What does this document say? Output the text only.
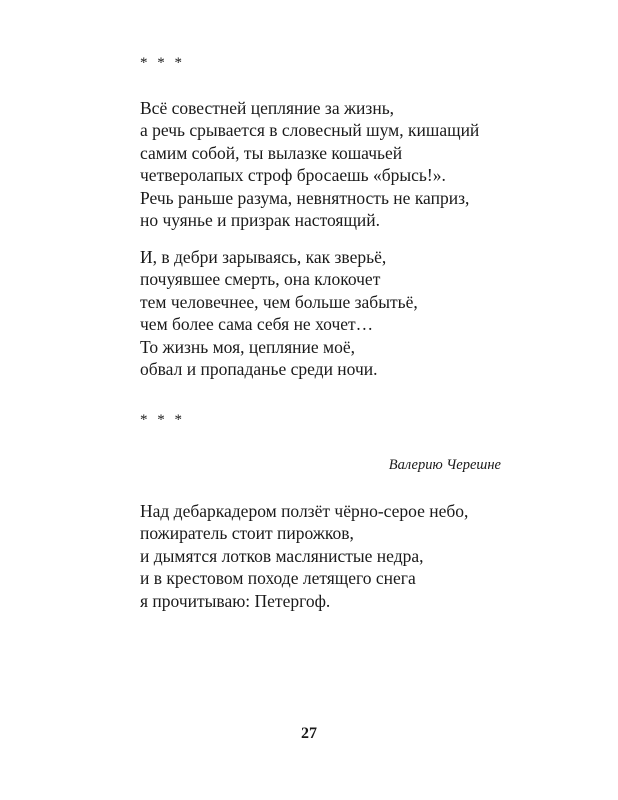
* * *

Всё совестней цепляние за жизнь,
а речь срывается в словесный шум, кишащий
самим собой, ты вылазке кошачьей
четверолапых строф бросаешь «брысь!».
Речь раньше разума, невнятность не каприз,
но чуянье и призрак настоящий.

И, в дебри зарываясь, как зверьё,
почуявшее смерть, она клокочет
тем человечнее, чем больше забытьё,
чем более сама себя не хочет…
То жизнь моя, цепляние моё,
обвал и пропаданье среди ночи.

* * *
Валерию Черешне

Над дебаркадером ползёт чёрно-серое небо,
пожиратель стоит пирожков,
и дымятся лотков маслянистые недра,
и в крестовом походе летящего снега
я прочитываю: Петергоф.

27
